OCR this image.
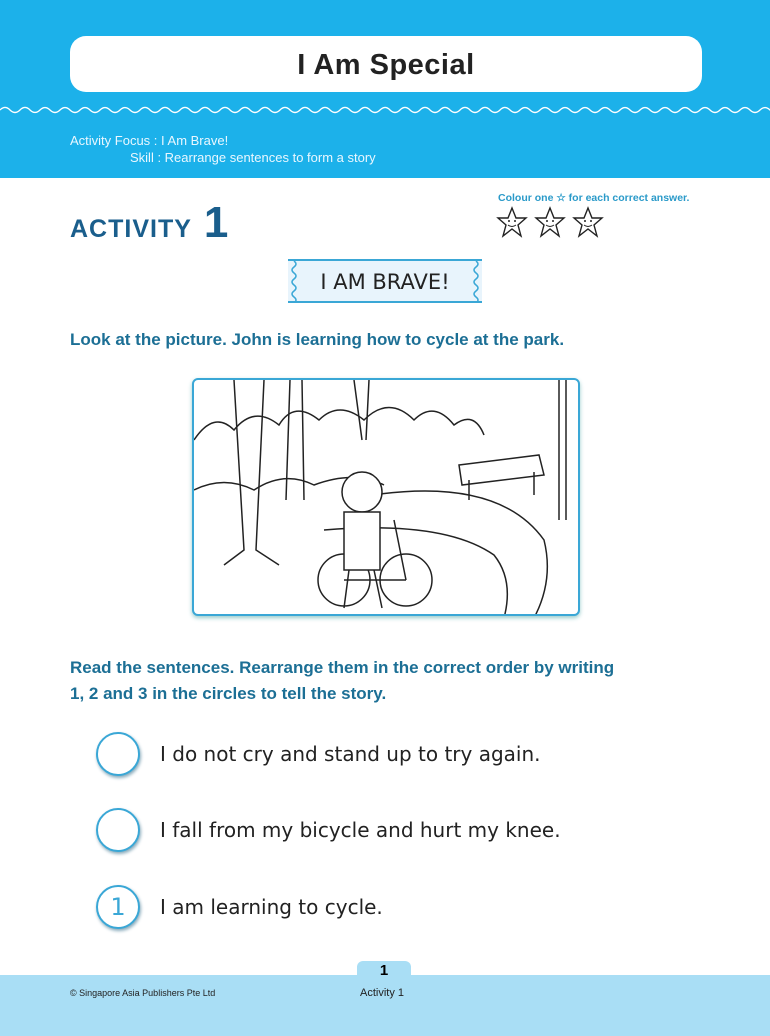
I Am Special
Activity Focus : I Am Brave!
Skill : Rearrange sentences to form a story
ACTIVITY 1	Colour one ☆ for each correct answer.
I AM BRAVE!
Look at the picture. John is learning how to cycle at the park.
Read the sentences. Rearrange them in the correct order by writing
1, 2 and 3 in the circles to tell the story.
I do not cry and stand up to try again.
I fall from my bicycle and hurt my knee.
1	I am learning to cycle.
1
© Singapore Asia Publishers Pte Ltd	Activity 1
